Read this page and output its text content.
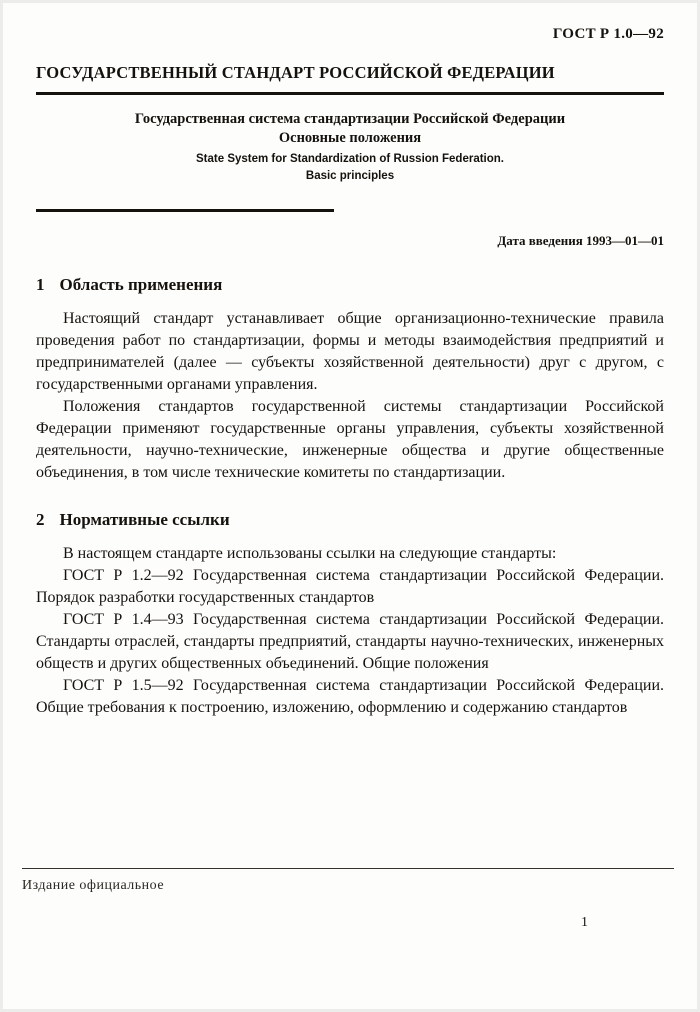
ГОСТ Р 1.0—92
ГОСУДАРСТВЕННЫЙ СТАНДАРТ РОССИЙСКОЙ ФЕДЕРАЦИИ
Государственная система стандартизации Российской Федерации
Основные положения
State System for Standardization of Russion Federation.
Basic principles
Дата введения 1993—01—01
1 Область применения

Настоящий стандарт устанавливает общие организационно-технические правила проведения работ по стандартизации, формы и методы взаимодействия предприятий и предпринимателей (далее — субъекты хозяйственной деятельности) друг с другом, с государственными органами управления.

Положения стандартов государственной системы стандартизации Российской Федерации применяют государственные органы управления, субъекты хозяйственной деятельности, научно-технические, инженерные общества и другие общественные объединения, в том числе технические комитеты по стандартизации.

2 Нормативные ссылки

В настоящем стандарте использованы ссылки на следующие стандарты:

ГОСТ Р 1.2—92 Государственная система стандартизации Российской Федерации. Порядок разработки государственных стандартов

ГОСТ Р 1.4—93 Государственная система стандартизации Российской Федерации. Стандарты отраслей, стандарты предприятий, стандарты научно-технических, инженерных обществ и других общественных объединений. Общие положения

ГОСТ Р 1.5—92 Государственная система стандартизации Российской Федерации. Общие требования к построению, изложению, оформлению и содержанию стандартов

Издание официальное
1
